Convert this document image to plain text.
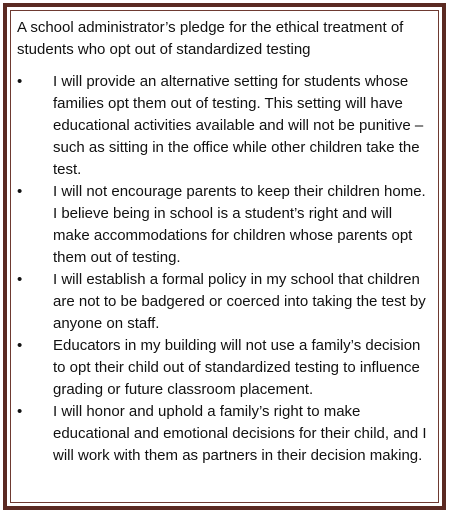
A school administrator’s pledge for the ethical treatment of students who opt out of standardized testing

•	I will provide an alternative setting for students whose families opt them out of testing. This setting will have educational activities available and will not be punitive – such as sitting in the office while other children take the test.
•	I will not encourage parents to keep their children home. I believe being in school is a student’s right and will make accommodations for children whose parents opt them out of testing.
•	I will establish a formal policy in my school that children are not to be badgered or coerced into taking the test by anyone on staff.
•	Educators in my building will not use a family’s decision to opt their child out of standardized testing to influence grading or future classroom placement.
•	I will honor and uphold a family’s right to make educational and emotional decisions for their child, and I will work with them as partners in their decision making.
